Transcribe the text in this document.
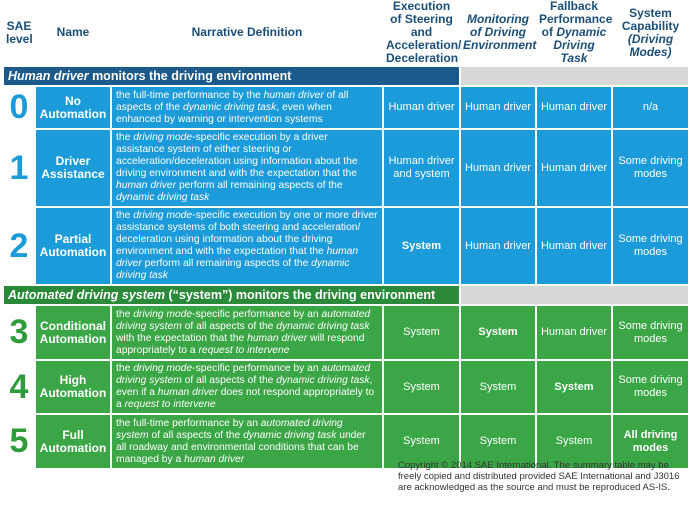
SAE level	Name	Narrative Definition	Execution of Steering and Acceleration/ Deceleration	Monitoring of Driving Environment	Fallback Performance of Dynamic Driving Task	System Capability
(Driving Modes)
Human driver monitors the driving environment						
0	No Automation	the full-time performance by the human driver of all aspects of the dynamic driving task, even when enhanced by warning or intervention systems	Human driver	Human driver	Human driver	n/a
1	Driver Assistance	the driving mode-specific execution by a driver assistance system of either steering or acceleration/deceleration using information about the driving environment and with the expectation that the human driver perform all remaining aspects of the dynamic driving task	Human driver and system	Human driver	Human driver	Some driving modes
2	Partial Automation	the driving mode-specific execution by one or more driver assistance systems of both steering and acceleration/ deceleration using information about the driving environment and with the expectation that the human driver perform all remaining aspects of the dynamic driving task	System	Human driver	Human driver	Some driving modes
Automated driving system (“system”) monitors the driving environment						
3	Conditional Automation	the driving mode-specific performance by an automated driving system of all aspects of the dynamic driving task with the expectation that the human driver will respond appropriately to a request to intervene	System	System	Human driver	Some driving modes
4	High Automation	the driving mode-specific performance by an automated driving system of all aspects of the dynamic driving task, even if a human driver does not respond appropriately to a request to intervene	System	System	System	Some driving modes
5	Full Automation	the full-time performance by an automated driving system of all aspects of the dynamic driving task under all roadway and environmental conditions that can be managed by a human driver	System	System	System	All driving modes
Copyright © 2014 SAE International. The summary table may be freely copied and distributed provided SAE International and J3016 are acknowledged as the source and must be reproduced AS-IS.
